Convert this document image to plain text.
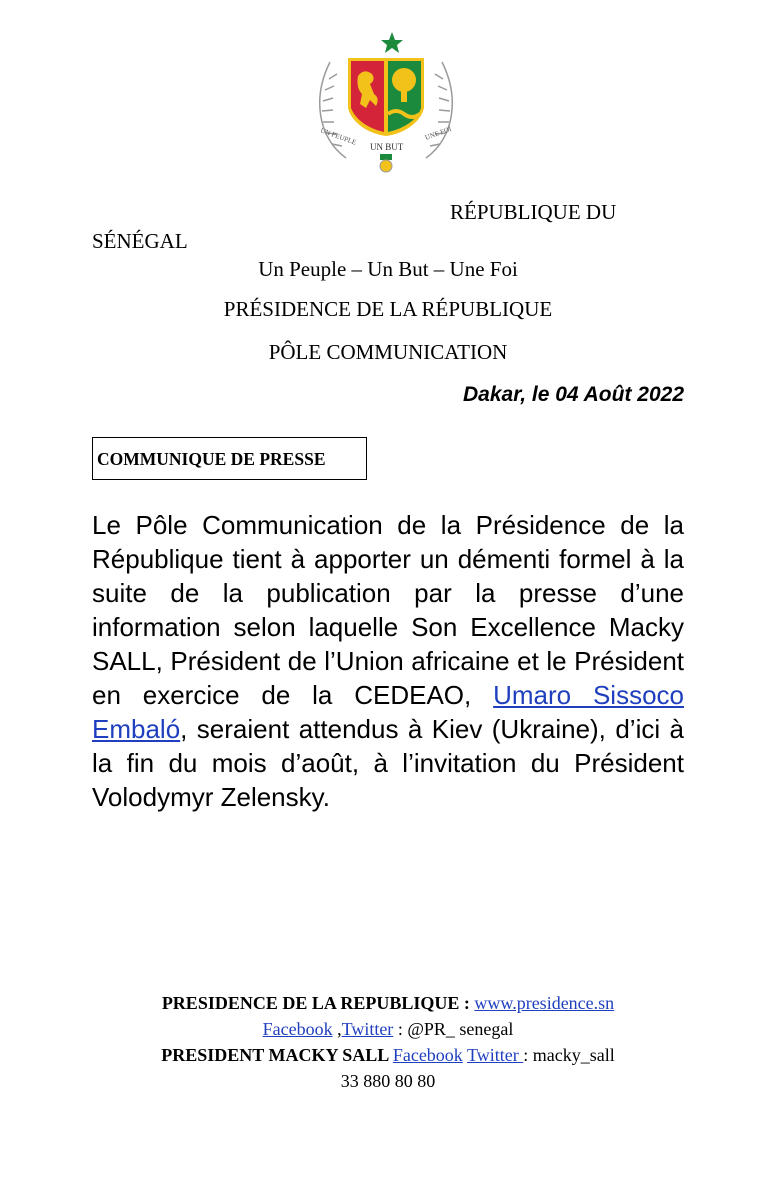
UN PEUPLE	UNE FOI
UN BUT
RÉPUBLIQUE DU
SÉNÉGAL
Un Peuple – Un But – Une Foi
PRÉSIDENCE DE LA RÉPUBLIQUE
PÔLE COMMUNICATION
Dakar, le 04 Août 2022
COMMUNIQUE DE PRESSE

Le Pôle Communication de la Présidence de la République tient à apporter un démenti formel à la suite de la publication par la presse d’une information selon laquelle Son Excellence Macky SALL, Président de l’Union africaine et le Président en exercice de la CEDEAO, Umaro Sissoco Embaló, seraient attendus à Kiev (Ukraine), d’ici à la fin du mois d’août, à l’invitation du Président Volodymyr Zelensky.

PRESIDENCE DE LA REPUBLIQUE : www.presidence.sn
Facebook ,Twitter : @PR_ senegal
PRESIDENT MACKY SALL Facebook Twitter : macky_sall
33 880 80 80
